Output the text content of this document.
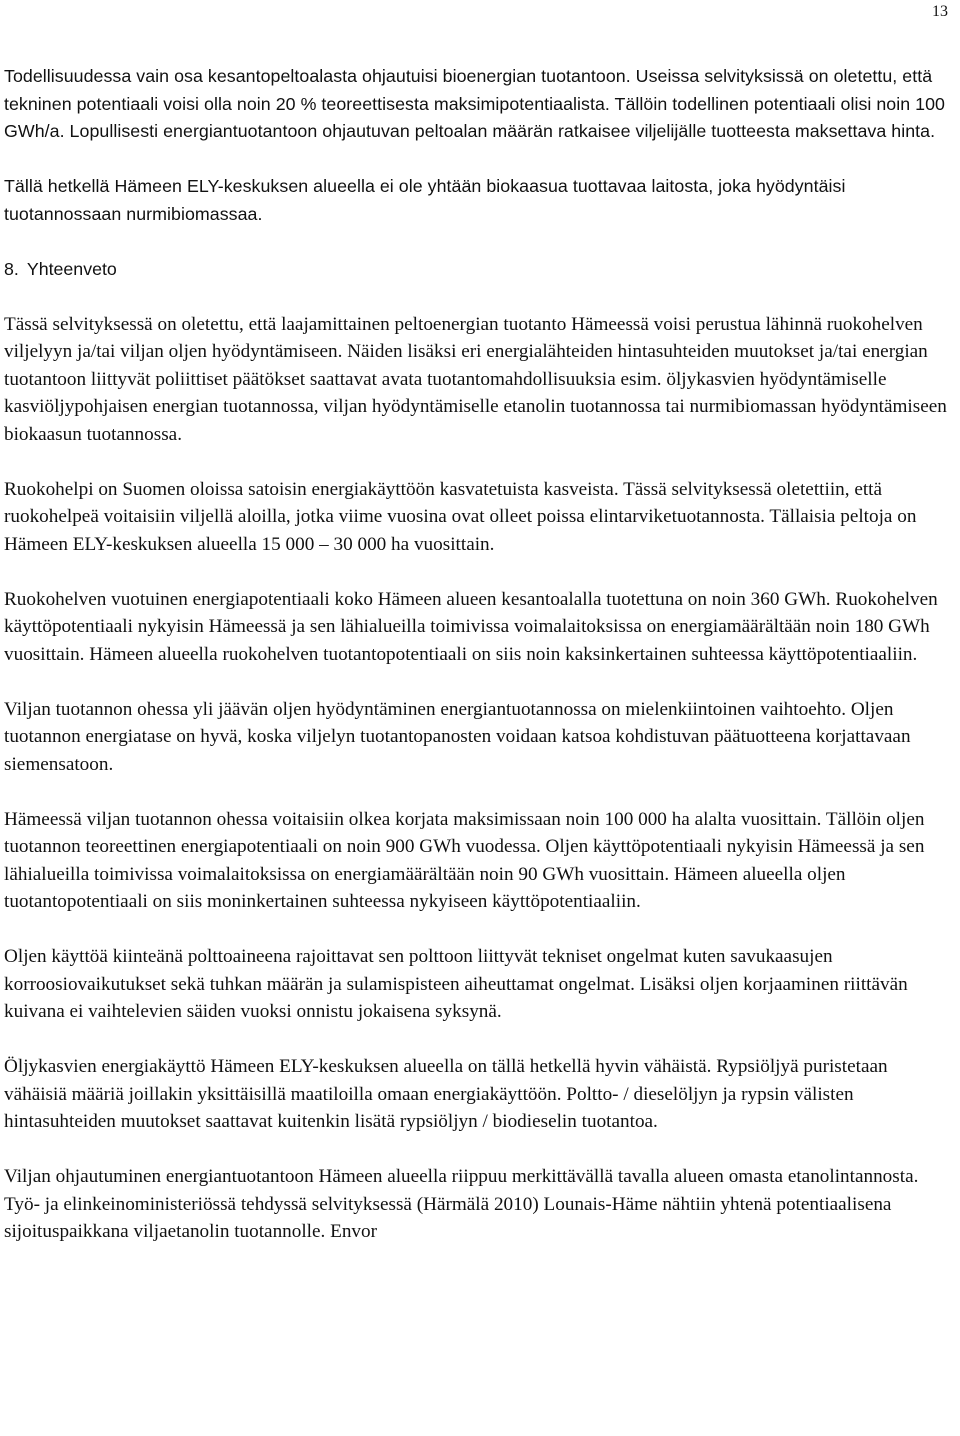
13

Todellisuudessa vain osa kesantopeltoalasta ohjautuisi bioenergian tuotantoon. Useissa selvityksissä on oletettu, että tekninen potentiaali voisi olla noin 20 % teoreettisesta maksimipotentiaalista. Tällöin todellinen potentiaali olisi noin 100 GWh/a. Lopullisesti energiantuotantoon ohjautuvan peltoalan määrän ratkaisee viljelijälle tuotteesta maksettava hinta.

Tällä hetkellä Hämeen ELY-keskuksen alueella ei ole yhtään biokaasua tuottavaa laitosta, joka hyödyntäisi tuotannossaan nurmibiomassaa.

8. Yhteenveto

Tässä selvityksessä on oletettu, että laajamittainen peltoenergian tuotanto Hämeessä voisi perustua lähinnä ruokohelven viljelyyn ja/tai viljan oljen hyödyntämiseen. Näiden lisäksi eri energialähteiden hintasuhteiden muutokset ja/tai energian tuotantoon liittyvät poliittiset päätökset saattavat avata tuotantomahdollisuuksia esim. öljykasvien hyödyntämiselle kasviöljypohjaisen energian tuotannossa, viljan hyödyntämiselle etanolin tuotannossa tai nurmibiomassan hyödyntämiseen biokaasun tuotannossa.

Ruokohelpi on Suomen oloissa satoisin energiakäyttöön kasvatetuista kasveista. Tässä selvityksessä oletettiin, että ruokohelpeä voitaisiin viljellä aloilla, jotka viime vuosina ovat olleet poissa elintarviketuotannosta. Tällaisia peltoja on Hämeen ELY-keskuksen alueella 15 000 – 30 000 ha vuosittain.

Ruokohelven vuotuinen energiapotentiaali koko Hämeen alueen kesantoalalla tuotettuna on noin 360 GWh. Ruokohelven käyttöpotentiaali nykyisin Hämeessä ja sen lähialueilla toimivissa voimalaitoksissa on energiamäärältään noin 180 GWh vuosittain. Hämeen alueella ruokohelven tuotantopotentiaali on siis noin kaksinkertainen suhteessa käyttöpotentiaaliin.

Viljan tuotannon ohessa yli jäävän oljen hyödyntäminen energiantuotannossa on mielenkiintoinen vaihtoehto. Oljen tuotannon energiatase on hyvä, koska viljelyn tuotantopanosten voidaan katsoa kohdistuvan päätuotteena korjattavaan siemensatoon.

Hämeessä viljan tuotannon ohessa voitaisiin olkea korjata maksimissaan noin 100 000 ha alalta vuosittain. Tällöin oljen tuotannon teoreettinen energiapotentiaali on noin 900 GWh vuodessa. Oljen käyttöpotentiaali nykyisin Hämeessä ja sen lähialueilla toimivissa voimalaitoksissa on energiamäärältään noin 90 GWh vuosittain. Hämeen alueella oljen tuotantopotentiaali on siis moninkertainen suhteessa nykyiseen käyttöpotentiaaliin.

Oljen käyttöä kiinteänä polttoaineena rajoittavat sen polttoon liittyvät tekniset ongelmat kuten savukaasujen korroosiovaikutukset sekä tuhkan määrän ja sulamispisteen aiheuttamat ongelmat. Lisäksi oljen korjaaminen riittävän kuivana ei vaihtelevien säiden vuoksi onnistu jokaisena syksynä.

Öljykasvien energiakäyttö Hämeen ELY-keskuksen alueella on tällä hetkellä hyvin vähäistä. Rypsiöljyä puristetaan vähäisiä määriä joillakin yksittäisillä maatiloilla omaan energiakäyttöön. Poltto- / dieselöljyn ja rypsin välisten hintasuhteiden muutokset saattavat kuitenkin lisätä rypsiöljyn / biodieselin tuotantoa.

Viljan ohjautuminen energiantuotantoon Hämeen alueella riippuu merkittävällä tavalla alueen omasta etanolintannosta. Työ- ja elinkeinoministeriössä tehdyssä selvityksessä (Härmälä 2010) Lounais-Häme nähtiin yhtenä potentiaalisena sijoituspaikkana viljaetanolin tuotannolle. Envor
